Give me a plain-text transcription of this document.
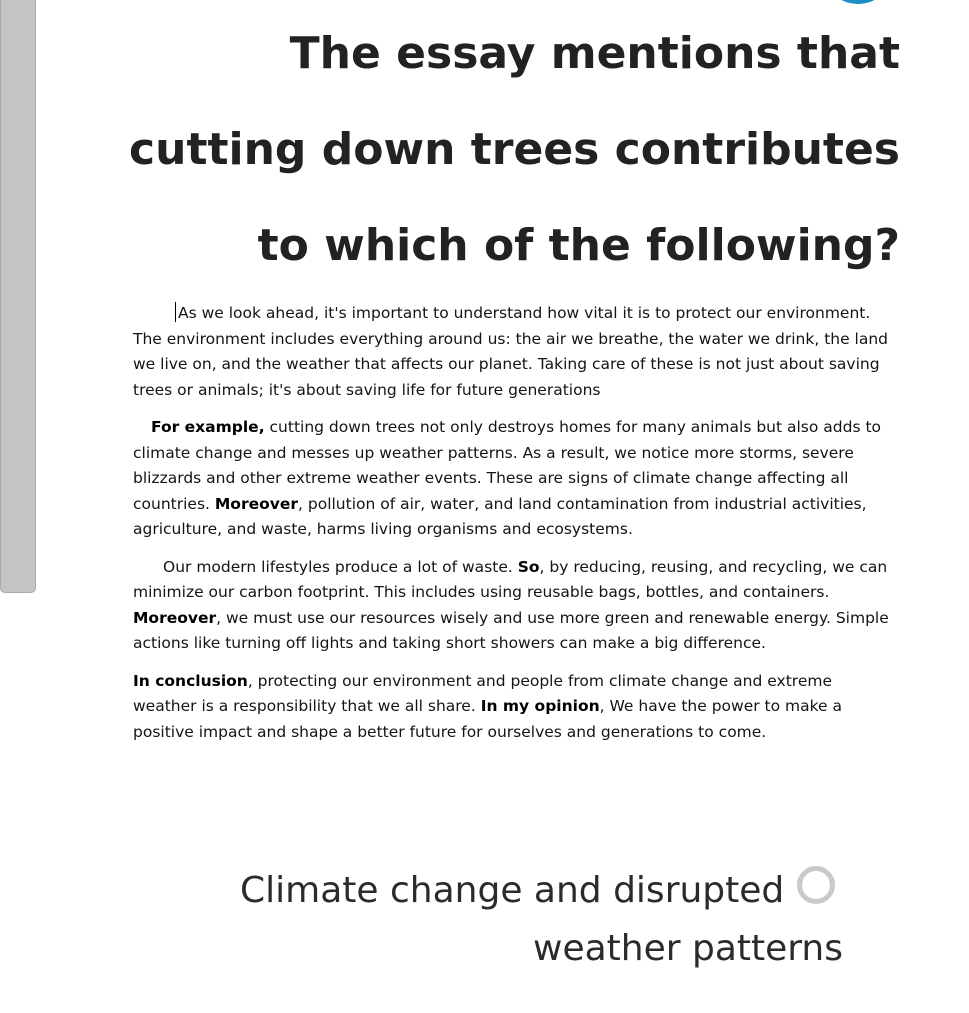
The essay mentions that cutting down trees contributes to which of the following?

As we look ahead, it's important to understand how vital it is to protect our environment. The environment includes everything around us: the air we breathe, the water we drink, the land we live on, and the weather that affects our planet. Taking care of these is not just about saving trees or animals; it's about saving life for future generations

For example, cutting down trees not only destroys homes for many animals but also adds to climate change and messes up weather patterns. As a result, we notice more storms, severe blizzards and other extreme weather events. These are signs of climate change affecting all countries. Moreover, pollution of air, water, and land contamination from industrial activities, agriculture, and waste, harms living organisms and ecosystems.

Our modern lifestyles produce a lot of waste. So, by reducing, reusing, and recycling, we can minimize our carbon footprint. This includes using reusable bags, bottles, and containers. Moreover, we must use our resources wisely and use more green and renewable energy. Simple actions like turning off lights and taking short showers can make a big difference.

In conclusion, protecting our environment and people from climate change and extreme weather is a responsibility that we all share. In my opinion, We have the power to make a positive impact and shape a better future for ourselves and generations to come.

Climate change and disrupted
weather patterns
